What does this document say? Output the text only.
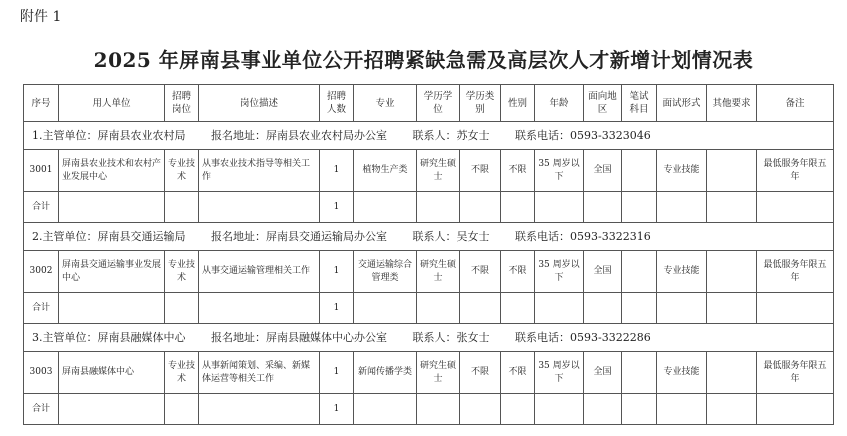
附件 1
2025 年屏南县事业单位公开招聘紧缺急需及高层次人才新增计划情况表
序号	用人单位	招聘岗位	岗位描述	招聘人数	专业	学历学位	学历类别	性别	年龄	面向地区	笔试科目	面试形式	其他要求	备注
1.主管单位：屏南县农业农村局 报名地址：屏南县农业农村局办公室 联系人：苏女士 联系电话：0593-3323046														
3001	屏南县农业技术和农村产业发展中心	专业技术	从事农业技术指导等相关工作	1	植物生产类	研究生硕士	不限	不限	35 周岁以下	全国		专业技能		最低服务年限五年
合计				1										
2.主管单位：屏南县交通运输局 报名地址：屏南县交通运输局办公室 联系人：吴女士 联系电话：0593-3322316														
3002	屏南县交通运输事业发展中心	专业技术	从事交通运输管理相关工作	1	交通运输综合管理类	研究生硕士	不限	不限	35 周岁以下	全国		专业技能		最低服务年限五年
合计				1										
3.主管单位：屏南县融媒体中心 报名地址：屏南县融媒体中心办公室 联系人：张女士 联系电话：0593-3322286														
3003	屏南县融媒体中心	专业技术	从事新闻策划、采编、新媒体运营等相关工作	1	新闻传播学类	研究生硕士	不限	不限	35 周岁以下	全国		专业技能		最低服务年限五年
合计				1										
